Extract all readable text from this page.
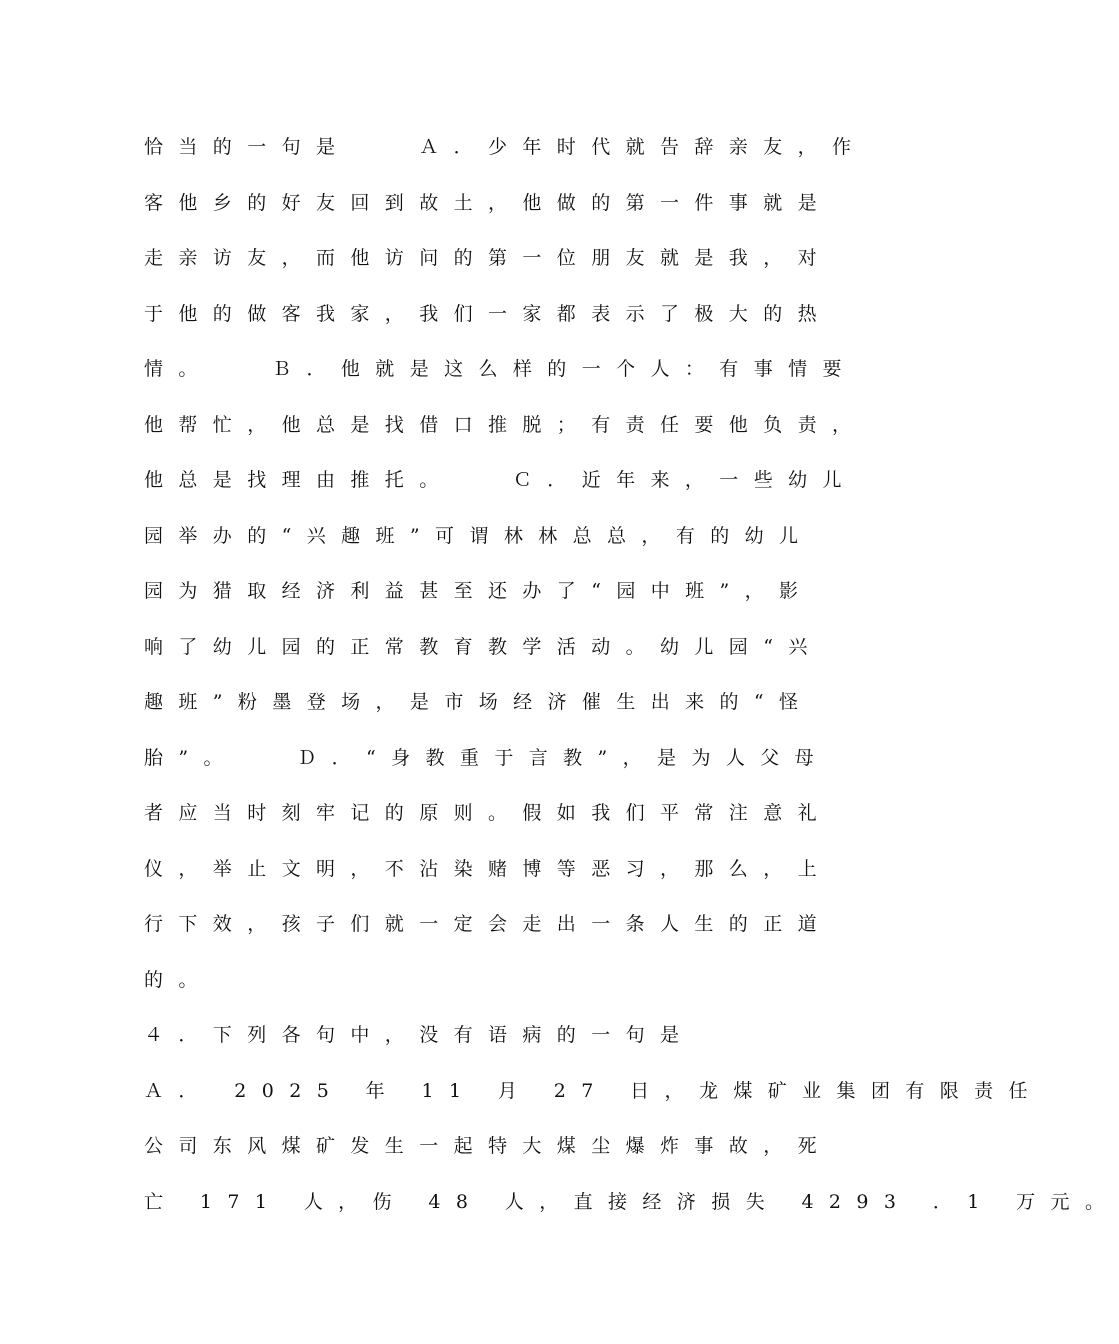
恰当的一句是　　Ａ．少年时代就告辞亲友，作
客他乡的好友回到故土，他做的第一件事就是
走亲访友，而他访问的第一位朋友就是我，对
于他的做客我家，我们一家都表示了极大的热
情。　　Ｂ．他就是这么样的一个人：有事情要
他帮忙，他总是找借口推脱；有责任要他负责，
他总是找理由推托。　　Ｃ．近年来，一些幼儿
园举办的“兴趣班”可谓林林总总，有的幼儿
园为猎取经济利益甚至还办了“园中班”，影
响了幼儿园的正常教育教学活动。幼儿园“兴
趣班”粉墨登场，是市场经济催生出来的“怪
胎”。　　Ｄ．“身教重于言教”，是为人父母
者应当时刻牢记的原则。假如我们平常注意礼
仪，举止文明，不沾染赌博等恶习，那么，上
行下效，孩子们就一定会走出一条人生的正道
的。
４．下列各句中，没有语病的一句是
Ａ． 2025 年 11 月 27 日，龙煤矿业集团有限责任
公司东风煤矿发生一起特大煤尘爆炸事故，死
亡 171 人，伤 48 人，直接经济损失 4293 ．1 万元。
